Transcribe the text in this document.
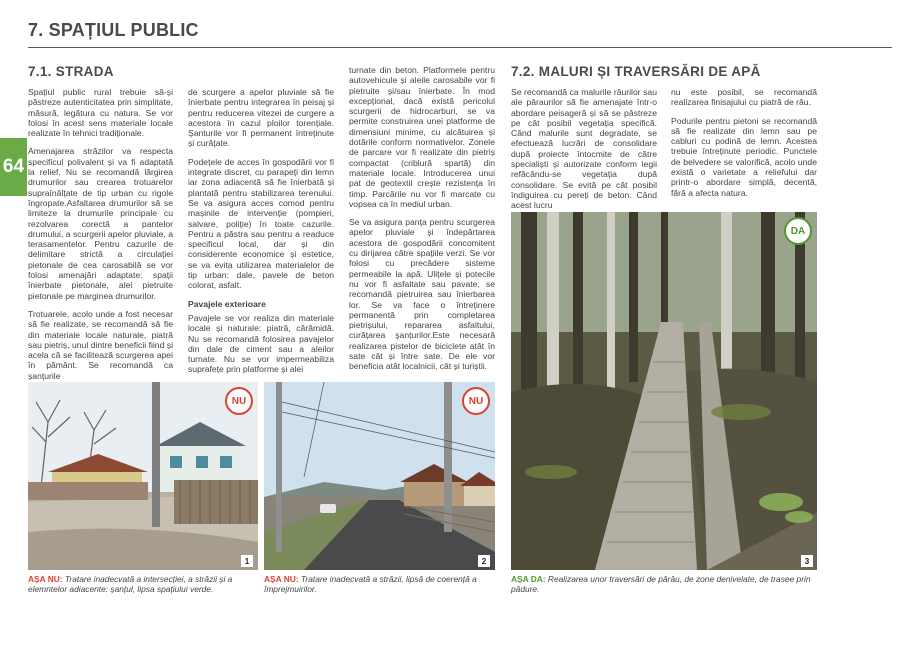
7. SPAȚIUL PUBLIC
64
7.1. STRADA

Spațiul public rural trebuie să-și păstreze autenticitatea prin simplitate, măsură, legătura cu natura. Se vor folosi în acest sens materiale locale realizate în tehnici tradiționale.

Amenajarea străzilor va respecta specificul polivalent și va fi adaptată la relief. Nu se recomandă lărgirea drumurilor sau crearea trotuarelor supraînălțate de tip urban cu rigole îngropate.Asfaltarea drumurilor să se limiteze la drumurile principale cu rezolvarea corectă a pantelor drumului, a scurgerii apelor pluviale, a terasamentelor. Pentru cazurile de delimitare strictă a circulației pietonale de cea carosabilă se vor folosi amenajări adaptate: spații înierbate pietonale, alei pietruite pietonale pe marginea drumurilor.

Trotuarele, acolo unde a fost necesar să fie realizate, se recomandă să fie din materiale locale naturale, piatră sau pietriș, unul dintre beneficii fiind și acela că se facilitează scurgerea apei în pământ. Se recomandă ca șanțurile

de scurgere a apelor pluviale să fie înierbate pentru integrarea în peisaj și pentru reducerea vitezei de curgere a acestora în cazul ploilor torențiale. Șanturile vor fi permanent întreținute și curățate.

Podețele de acces în gospodării vor fi integrate discret, cu parapeți din lemn iar zona adiacentă să fie înierbată și plantată pentru stabilizarea terenului. Se va asigura acces comod pentru mașinile de intervenție (pompieri, salvare, poliție) în toate cazurile. Pentru a păstra sau pentru a readuce specificul local, dar și din considerente economice și estetice, se va evita utilizarea materialelor de tip urban: dale, pavele de beton colorat, asfalt.

Pavajele exterioare

Pavajele se vor realiza din materiale locale și naturale: piatră, cărămidă. Nu se recomandă folosirea pavajelor din dale de ciment sau a aleilor turnate. Nu se vor impermeabiliza suprafețe prin platforme și alei

turnate din beton. Platformele pentru autovehicule și aleile carosabile vor fi pietruite și/sau înierbate. În mod excepțional, dacă există pericolul scurgerii de hidrocarburi, se va permite construirea unei platforme de dimensiuni minime, cu alcătuirea și dotările conform normativelor. Zonele de parcare vor fi realizate din pietriș compactat (criblură spartă) din materiale locale. Introducerea unui pat de geotextil crește rezistența în timp. Parcările nu vor fi marcate cu vopsea ca în mediul urban.

Se va asigura panța pentru scurgerea apelor pluviale și îndepărtarea acestora de gospodării concomitent cu dirijarea către spațiile verzi. Se vor folosi cu precădere sisteme permeabile la apă. Ulițele și potecile nu vor fi asfaltate sau pavate, se recomandă pietruirea sau înierbarea lor. Se va face o întreținere permanentă prin completarea pietrișului, repararea asfaltului, curățarea șanțurilor.Este necesară realizarea pistelor de biciclete atât în sate cât și între sate. De ele vor beneficia atât localnicii, cât și turiștii.

7.2. MALURI ȘI TRAVERSĂRI DE APĂ

Se recomandă ca malurile râurilor sau ale pâraurilor să fie amenajate într-o abordare peisageră și să se păstreze pe cât posibil vegetația specifică. Când malurile sunt degradate, se efectuează lucrări de consolidare după proiecte întocmite de către specialiști și autorizate conform legii refăcându-se vegetația după consolidare. Se evită pe cât posibil îndiguirea cu pereți de beton. Când acest lucru

nu este posibil, se recomandă realizarea finisajului cu piatră de râu.

Podurile pentru pietoni se recomandă să fie realizate din lemn sau pe cabluri cu podină de lemn. Acestea trebuie întreținute periodic. Punctele de belvedere se valorifică, acolo unde există o varietate a reliefului dar printr-o abordare simplă, decentă, fără a afecta natura.

NU
1
NU
2
DA
3
AȘA NU: Tratare inadecvată a intersecției, a străzii și a elemntelor adiacente: șanțul, lipsa spațiului verde.
AȘA NU: Tratare inadecvată a străzii, lipsă de coerență a împrejmuirilor.
AȘA DA: Realizarea unor traversări de pârâu, de zone denivelate, de trasee prin pădure.
